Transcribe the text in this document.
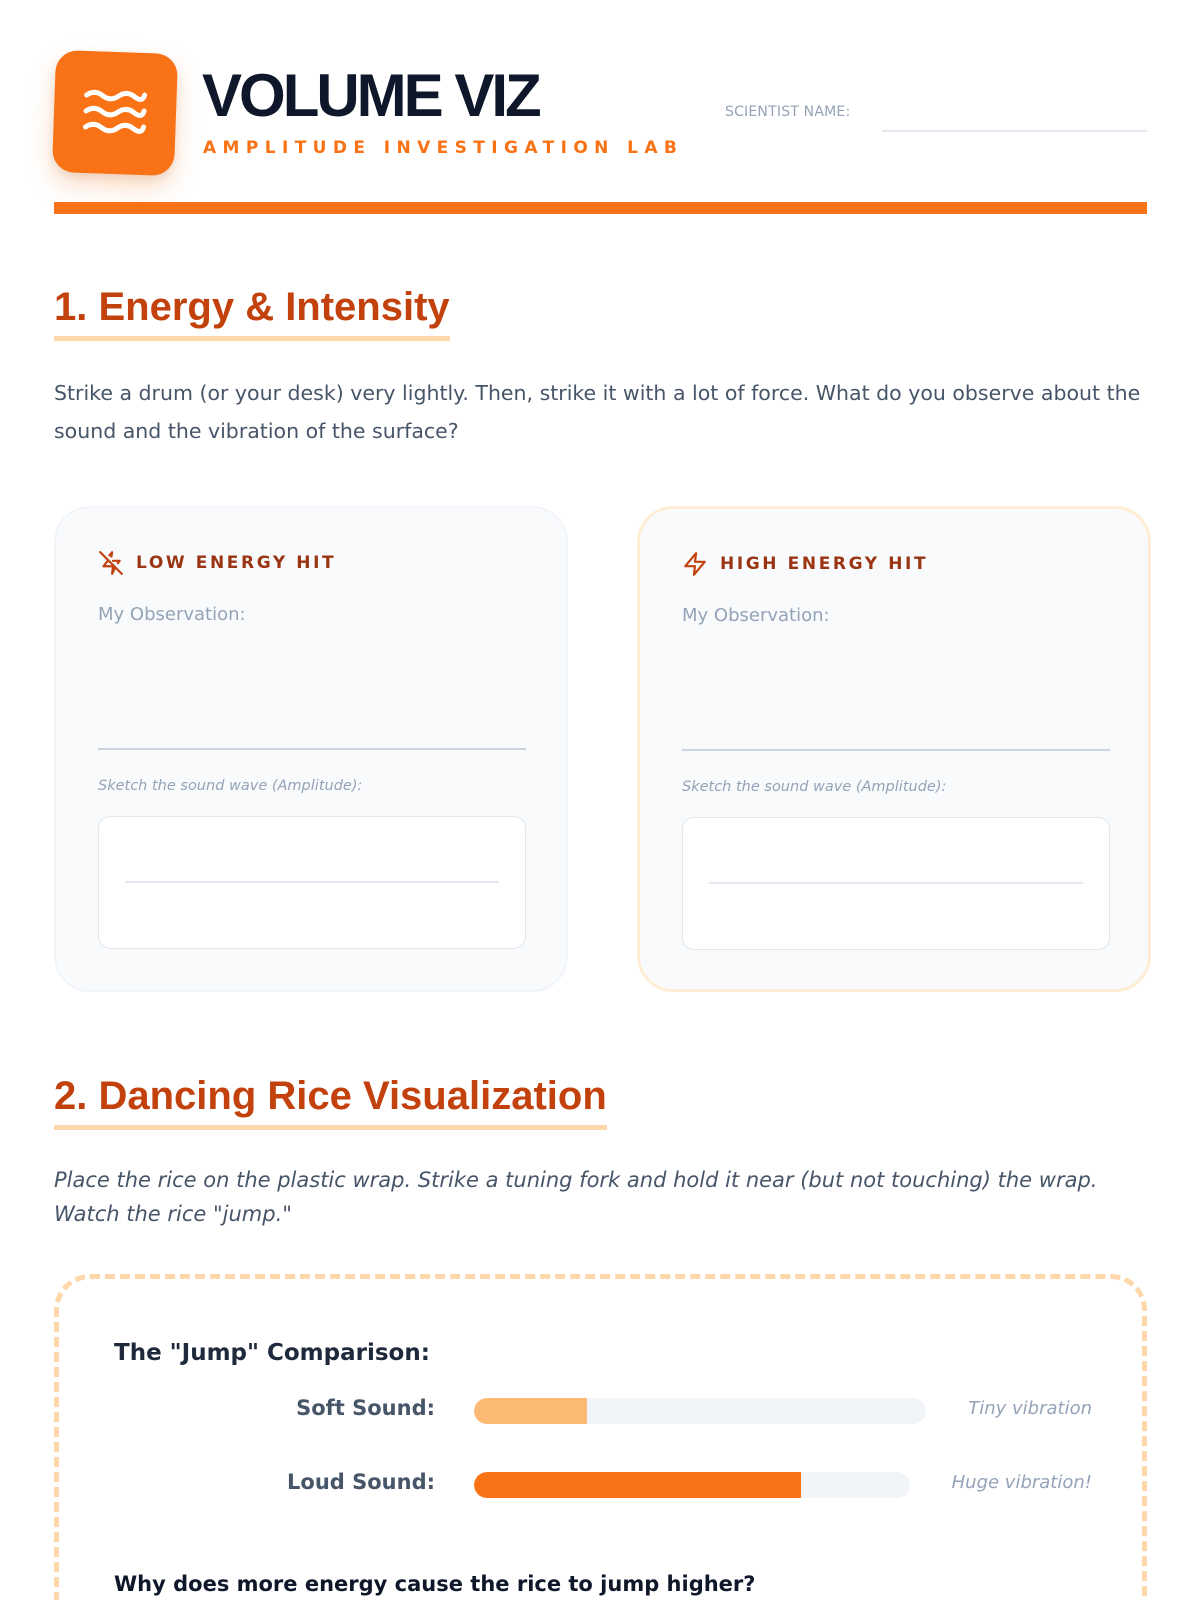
VOLUME VIZ
AMPLITUDE INVESTIGATION LAB
SCIENTIST NAME:
1. Energy & Intensity
Strike a drum (or your desk) very lightly. Then, strike it with a lot of force. What do you observe about the sound and the vibration of the surface?
LOW ENERGY HIT
My Observation:
Sketch the sound wave (Amplitude):
HIGH ENERGY HIT
My Observation:
Sketch the sound wave (Amplitude):
2. Dancing Rice Visualization
Place the rice on the plastic wrap. Strike a tuning fork and hold it near (but not touching) the wrap. Watch the rice "jump."
The "Jump" Comparison:
Soft Sound:	Tiny vibration
Loud Sound:	Huge vibration!
Why does more energy cause the rice to jump higher?
